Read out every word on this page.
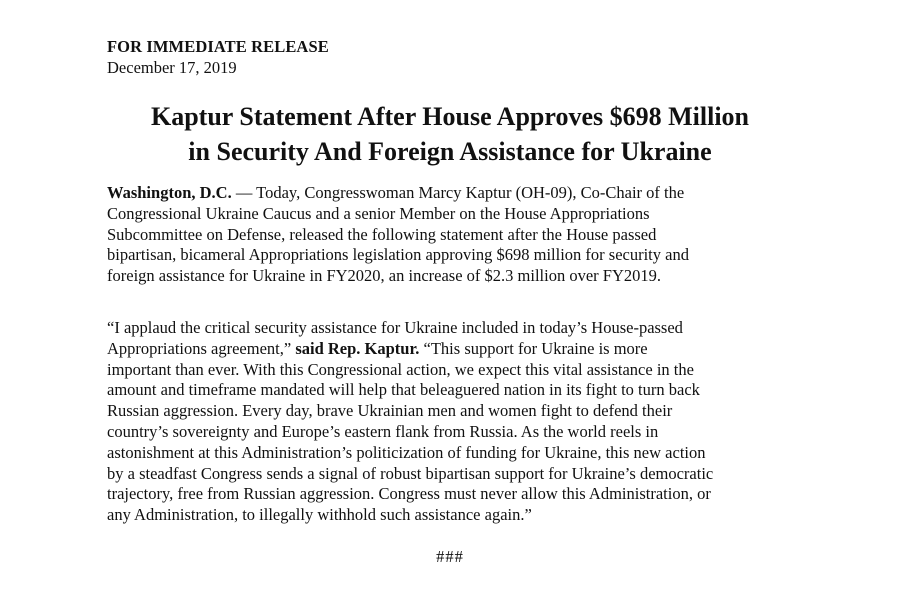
FOR IMMEDIATE RELEASE
December 17, 2019
Kaptur Statement After House Approves $698 Million
in Security And Foreign Assistance for Ukraine

Washington, D.C. — Today, Congresswoman Marcy Kaptur (OH-09), Co-Chair of the
Congressional Ukraine Caucus and a senior Member on the House Appropriations
Subcommittee on Defense, released the following statement after the House passed
bipartisan, bicameral Appropriations legislation approving $698 million for security and
foreign assistance for Ukraine in FY2020, an increase of $2.3 million over FY2019.

“I applaud the critical security assistance for Ukraine included in today’s House-passed
Appropriations agreement,” said Rep. Kaptur. “This support for Ukraine is more
important than ever. With this Congressional action, we expect this vital assistance in the
amount and timeframe mandated will help that beleaguered nation in its fight to turn back
Russian aggression. Every day, brave Ukrainian men and women fight to defend their
country’s sovereignty and Europe’s eastern flank from Russia. As the world reels in
astonishment at this Administration’s politicization of funding for Ukraine, this new action
by a steadfast Congress sends a signal of robust bipartisan support for Ukraine’s democratic
trajectory, free from Russian aggression. Congress must never allow this Administration, or
any Administration, to illegally withhold such assistance again.”

###
